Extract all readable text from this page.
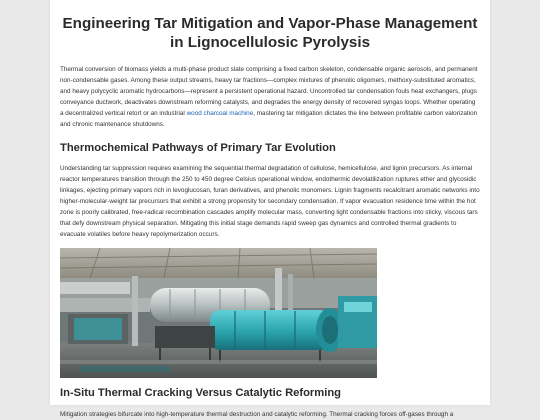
Engineering Tar Mitigation and Vapor-Phase Management in Lignocellulosic Pyrolysis

Thermal conversion of biomass yields a multi-phase product slate comprising a fixed carbon skeleton, condensable organic aerosols, and permanent non-condensable gases. Among these output streams, heavy tar fractions—complex mixtures of phenolic oligomers, methoxy-substituted aromatics, and heavy polycyclic aromatic hydrocarbons—represent a persistent operational hazard. Uncontrolled tar condensation fouls heat exchangers, plugs conveyance ductwork, deactivates downstream reforming catalysts, and degrades the energy density of recovered syngas loops. Whether operating a decentralized vertical retort or an industrial wood charcoal machine, mastering tar mitigation dictates the line between profitable carbon valorization and chronic maintenance shutdowns.

Thermochemical Pathways of Primary Tar Evolution

Understanding tar suppression requires examining the sequential thermal degradation of cellulose, hemicellulose, and lignin precursors. As internal reactor temperatures transition through the 250 to 450 degree Celsius operational window, endothermic devolatilization ruptures ether and glycosidic linkages, ejecting primary vapors rich in levoglucosan, furan derivatives, and phenolic monomers. Lignin fragments recalcitrant aromatic networks into higher-molecular-weight tar precursors that exhibit a strong propensity for secondary condensation. If vapor evacuation residence time within the hot zone is poorly calibrated, free-radical recombination cascades amplify molecular mass, converting light condensable fractions into sticky, viscous tars that defy downstream physical separation. Mitigating this initial stage demands rapid sweep gas dynamics and controlled thermal gradients to evacuate volatiles before heavy repolymerization occurs.

In-Situ Thermal Cracking Versus Catalytic Reforming

Mitigation strategies bifurcate into high-temperature thermal destruction and catalytic reforming. Thermal cracking forces off-gases through a
